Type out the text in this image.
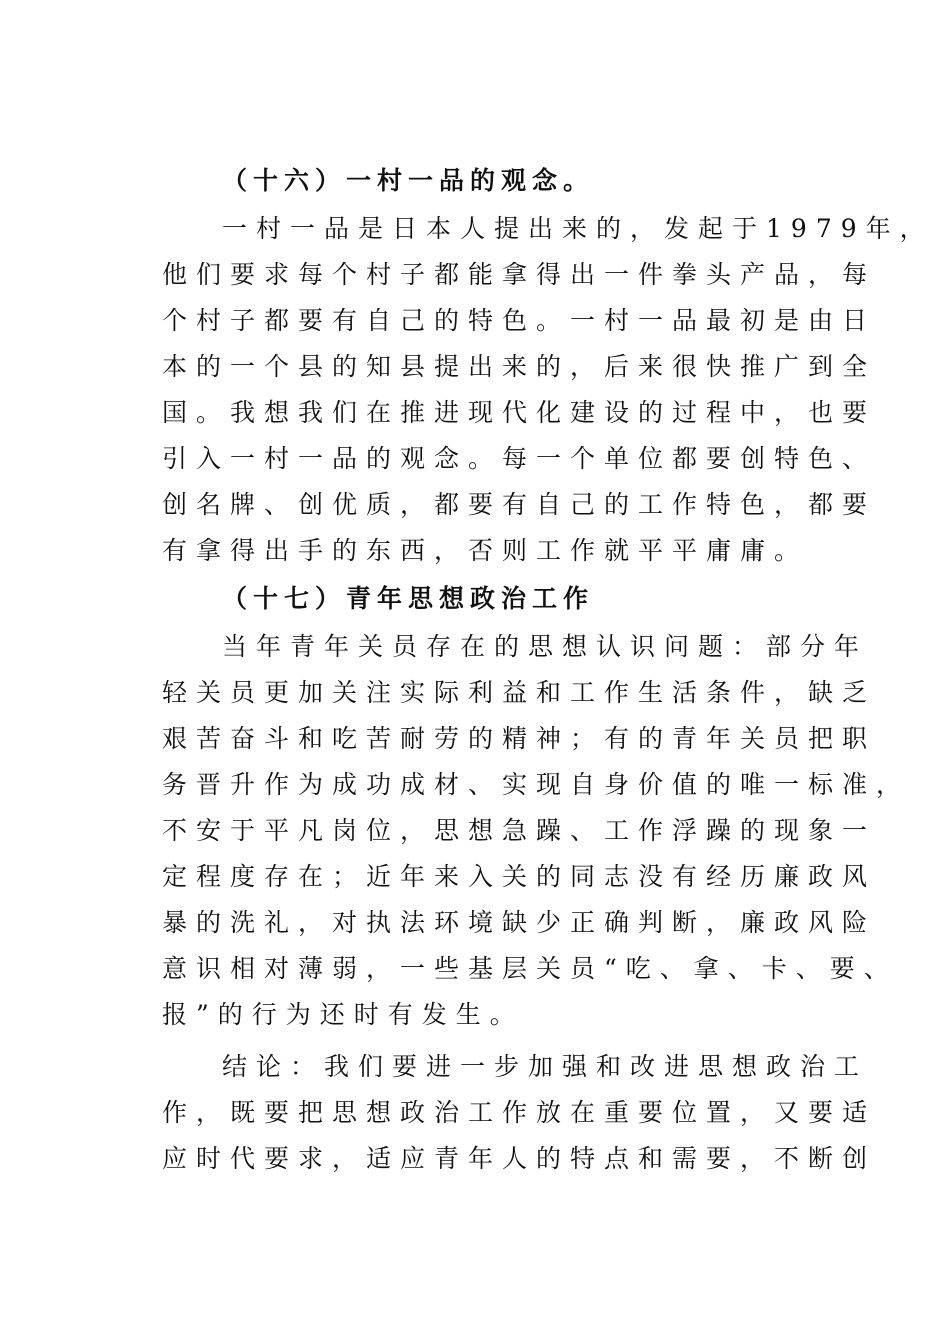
（十六）一村一品的观念。
一村一品是日本人提出来的，发起于1979年，
他们要求每个村子都能拿得出一件拳头产品，每
个村子都要有自己的特色。一村一品最初是由日
本的一个县的知县提出来的，后来很快推广到全
国。我想我们在推进现代化建设的过程中，也要
引入一村一品的观念。每一个单位都要创特色、
创名牌、创优质，都要有自己的工作特色，都要
有拿得出手的东西，否则工作就平平庸庸。
（十七）青年思想政治工作
当年青年关员存在的思想认识问题：部分年
轻关员更加关注实际利益和工作生活条件，缺乏
艰苦奋斗和吃苦耐劳的精神；有的青年关员把职
务晋升作为成功成材、实现自身价值的唯一标准，
不安于平凡岗位，思想急躁、工作浮躁的现象一
定程度存在；近年来入关的同志没有经历廉政风
暴的洗礼，对执法环境缺少正确判断，廉政风险
意识相对薄弱，一些基层关员“吃、拿、卡、要、
报”的行为还时有发生。
结论：我们要进一步加强和改进思想政治工
作，既要把思想政治工作放在重要位置，又要适
应时代要求，适应青年人的特点和需要，不断创
